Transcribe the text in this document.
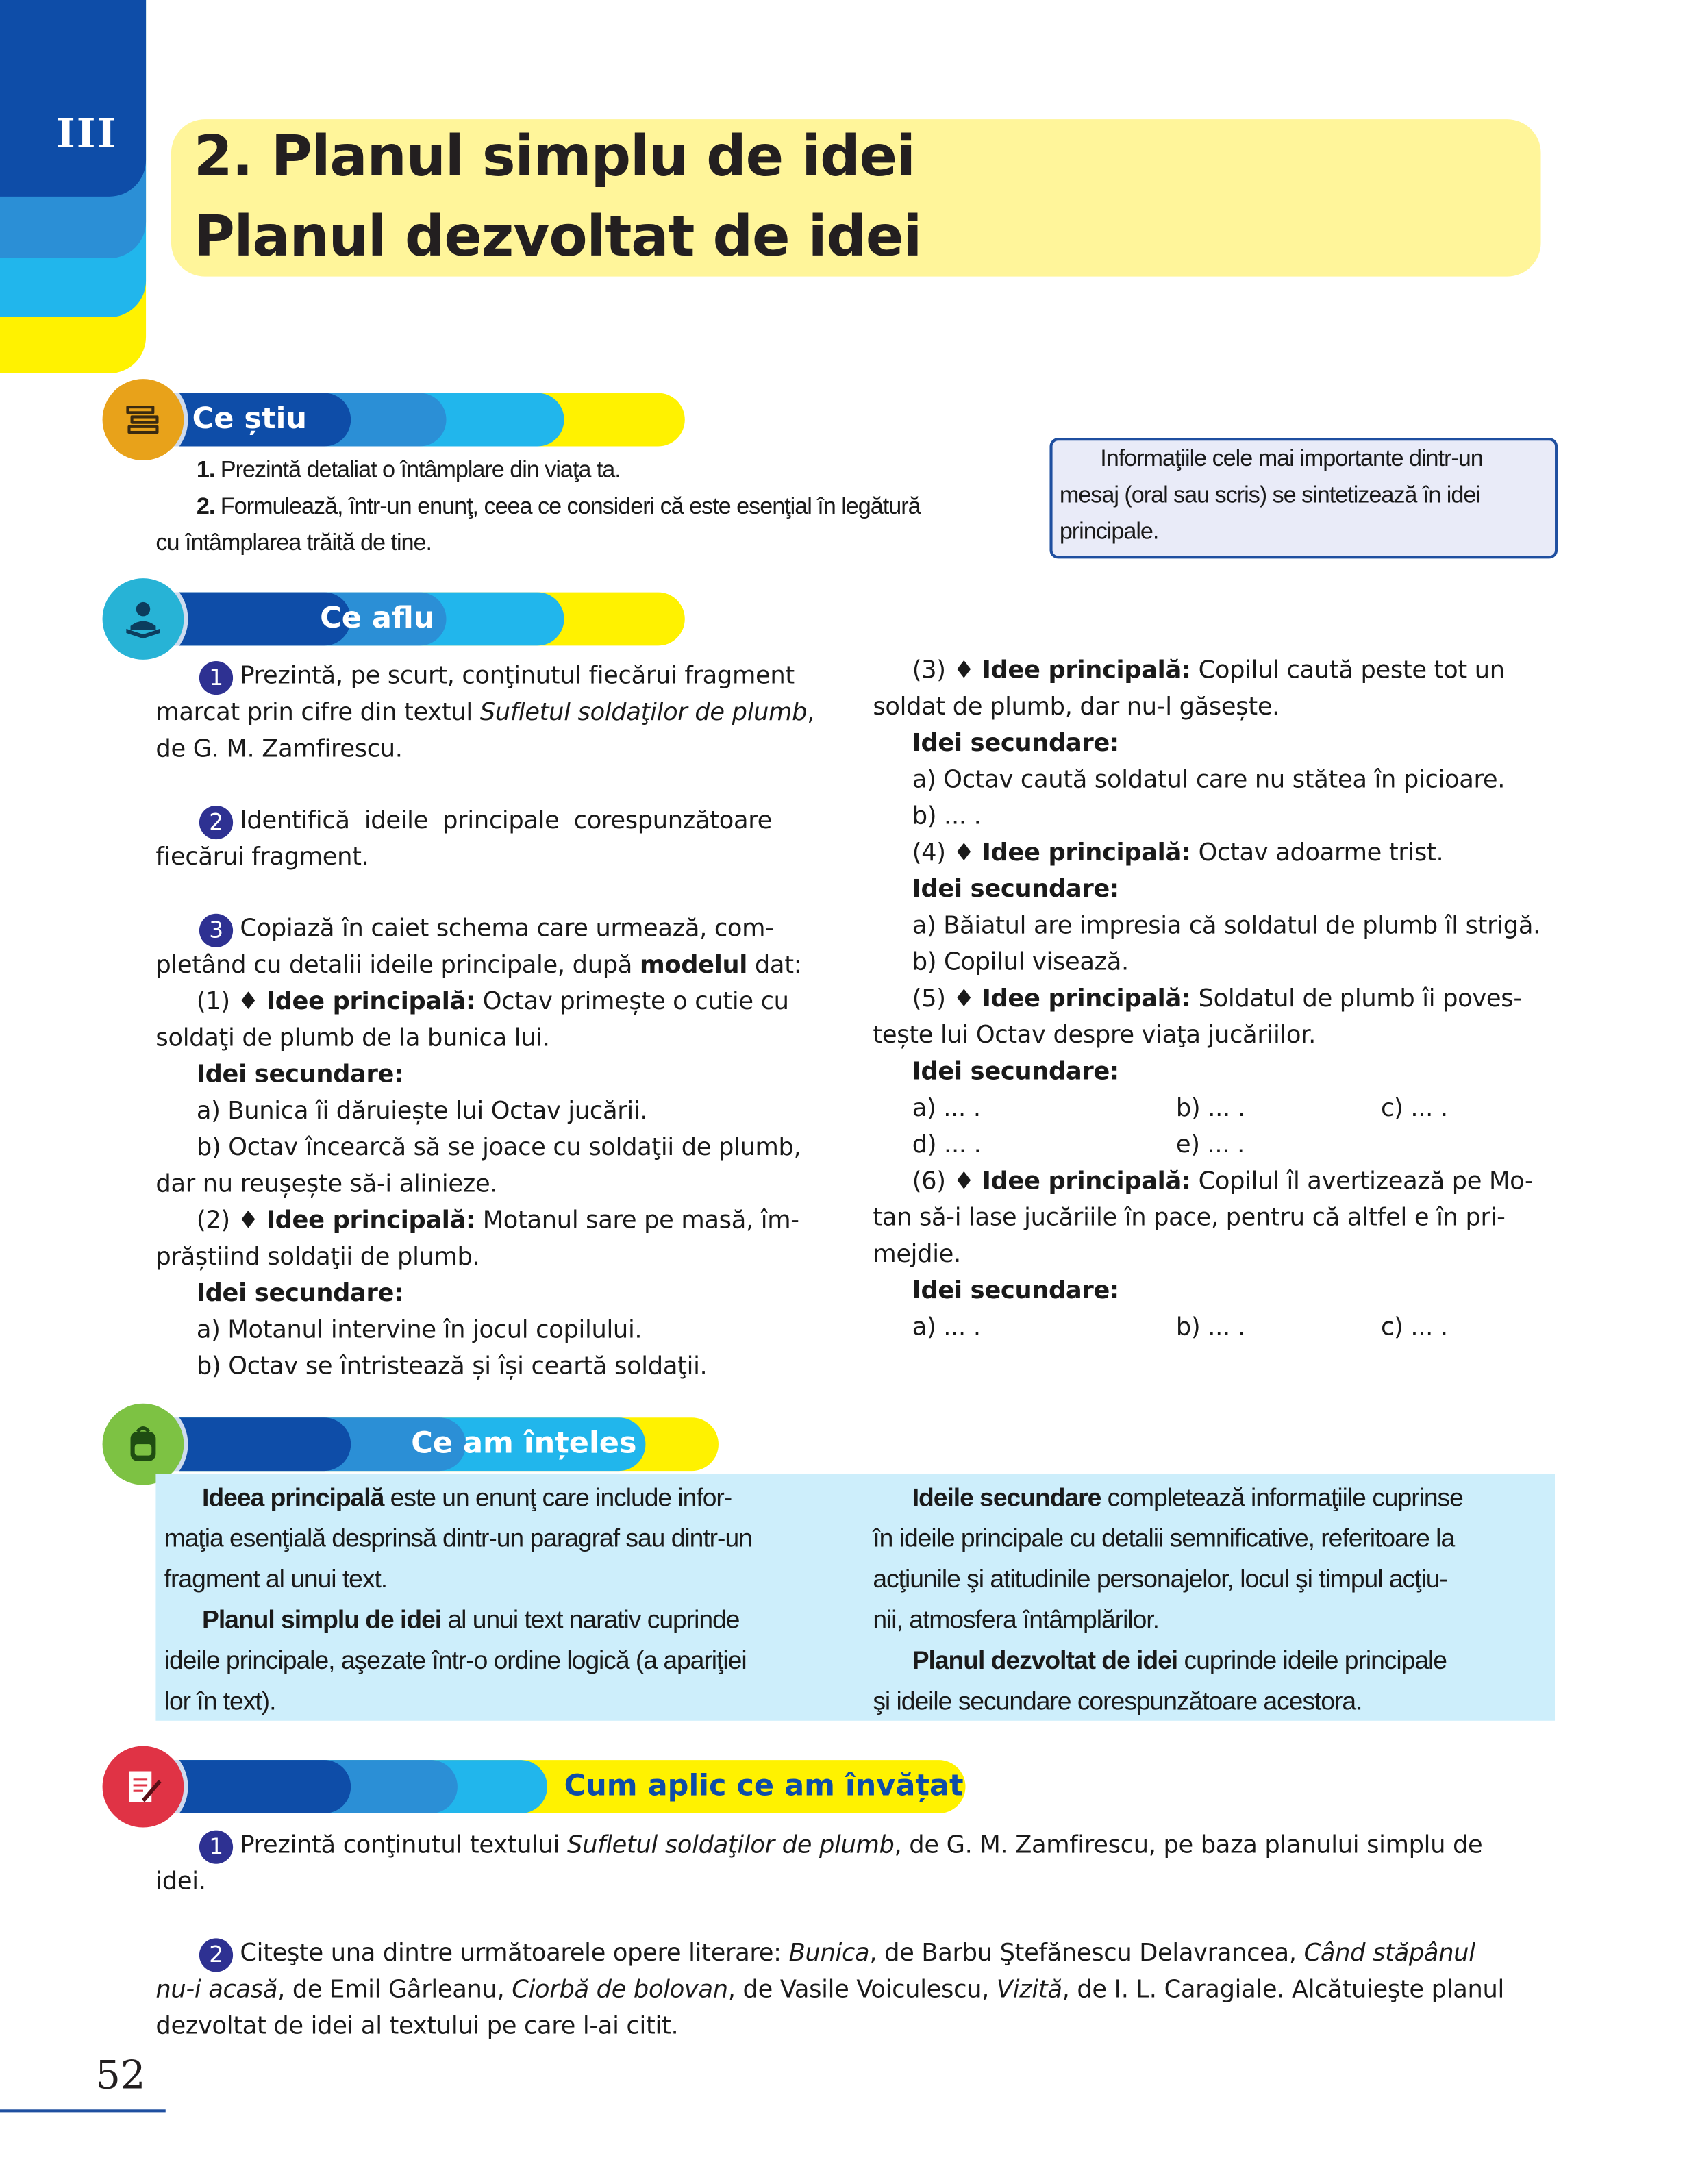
III	2. Planul simplu de idei
Planul dezvoltat de idei
Ce știu
1. Prezintă detaliat o întâmplare din viaţa ta.
2. Formulează, într-un enunţ, ceea ce consideri că este esenţial în legătură
cu întâmplarea trăită de tine.
Informaţiile cele mai importante dintr-un
mesaj (oral sau scris) se sintetizează în idei
principale.
Ce aflu
1 Prezintă, pe scurt, conţinutul fiecărui fragment
marcat prin cifre din textul Sufletul soldaţilor de plumb,
de G. M. Zamfirescu.
2 Identifică ideile principale corespunzătoare
fiecărui fragment.
3 Copiază în caiet schema care urmează, com-
pletând cu detalii ideile principale, după modelul dat:
(1) ♦ Idee principală: Octav primește o cutie cu
soldaţi de plumb de la bunica lui.
Idei secundare:
a) Bunica îi dăruiește lui Octav jucării.
b) Octav încearcă să se joace cu soldaţii de plumb,
dar nu reușește să-i alinieze.
(2) ♦ Idee principală: Motanul sare pe masă, îm-
prăștiind soldaţii de plumb.
Idei secundare:
a) Motanul intervine în jocul copilului.
b) Octav se întristează și își ceartă soldaţii.
(3) ♦ Idee principală: Copilul caută peste tot un
soldat de plumb, dar nu-l găsește.
Idei secundare:
a) Octav caută soldatul care nu stătea în picioare.
b) ... .
(4) ♦ Idee principală: Octav adoarme trist.
Idei secundare:
a) Băiatul are impresia că soldatul de plumb îl strigă.
b) Copilul visează.
(5) ♦ Idee principală: Soldatul de plumb îi poves-
tește lui Octav despre viaţa jucăriilor.
Idei secundare:
a) ... .	b) ... .	c) ... .
d) ... .	e) ... .
(6) ♦ Idee principală: Copilul îl avertizează pe Mo-
tan să-i lase jucăriile în pace, pentru că altfel e în pri-
mejdie.
Idei secundare:
a) ... .	b) ... .	c) ... .
Ce am înțeles
Ideea principală este un enunţ care include infor-
maţia esenţială desprinsă dintr-un paragraf sau dintr-un
fragment al unui text.
Planul simplu de idei al unui text narativ cuprinde
ideile principale, aşezate într-o ordine logică (a apariţiei
lor în text).
Ideile secundare completează informaţiile cuprinse
în ideile principale cu detalii semnificative, referitoare la
acţiunile şi atitudinile personajelor, locul şi timpul acţiu-
nii, atmosfera întâmplărilor.
Planul dezvoltat de idei cuprinde ideile principale
şi ideile secundare corespunzătoare acestora.
Cum aplic ce am învățat
1 Prezintă conţinutul textului Sufletul soldaţilor de plumb, de G. M. Zamfirescu, pe baza planului simplu de
idei.
2 Citeşte una dintre următoarele opere literare: Bunica, de Barbu Ştefănescu Delavrancea, Când stăpânul
nu-i acasă, de Emil Gârleanu, Ciorbă de bolovan, de Vasile Voiculescu, Vizită, de I. L. Caragiale. Alcătuieşte planul
dezvoltat de idei al textului pe care l-ai citit.
52
